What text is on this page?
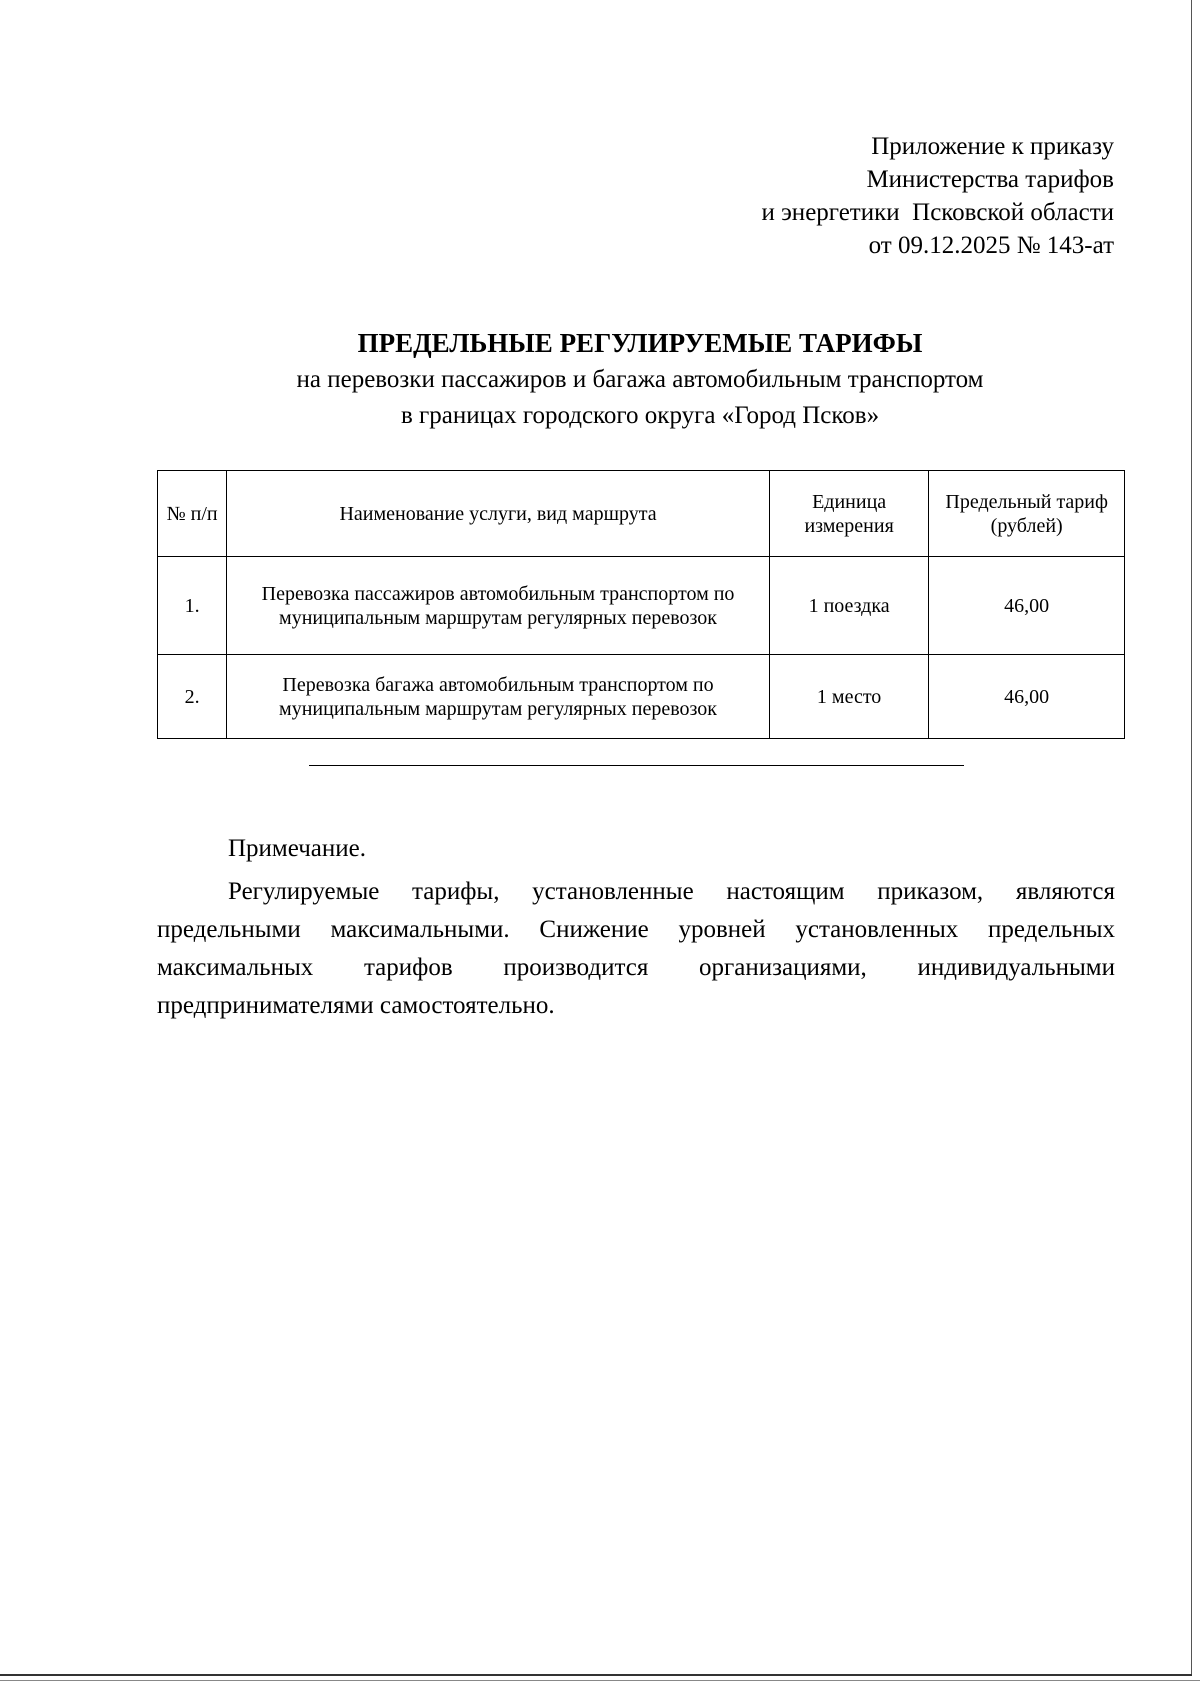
Приложение к приказу
Министерства тарифов
и энергетики  Псковской области
от 09.12.2025 № 143-ат
ПРЕДЕЛЬНЫЕ РЕГУЛИРУЕМЫЕ ТАРИФЫ
на перевозки пассажиров и багажа автомобильным транспортом
в границах городского округа «Город Псков»
№ п/п	Наименование услуги, вид маршрута	Единица измерения	Предельный тариф (рублей)
1.	Перевозка пассажиров автомобильным транспортом по муниципальным маршрутам регулярных перевозок	1 поездка	46,00
2.	Перевозка багажа автомобильным транспортом по муниципальным маршрутам регулярных перевозок	1 место	46,00
Примечание.
Регулируемые тарифы, установленные настоящим приказом, являются предельными максимальными. Снижение уровней установленных предельных максимальных тарифов производится организациями, индивидуальными предпринимателями самостоятельно.
